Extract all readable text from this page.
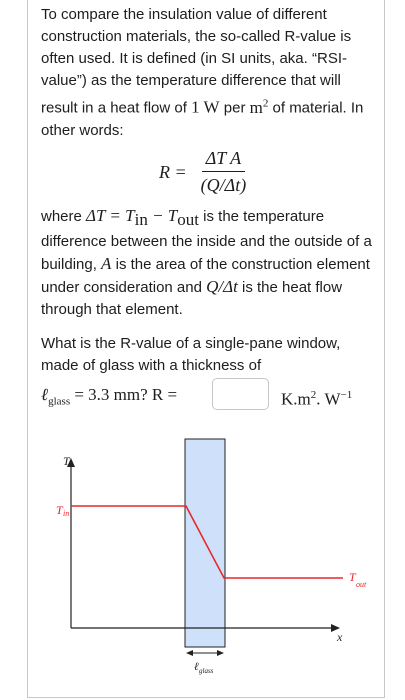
To compare the insulation value of different construction materials, the so-called R-value is often used. It is defined (in SI units, aka. “RSI-value”) as the temperature difference that will result in a heat flow of 1 W per $m^2$ of material. In other words:

$R = \frac{\text{ΔT A}}{(Q/\Delta t)}$

where $\Delta T = T_{in} - T_{out}$ is the temperature difference between the inside and the outside of a building, A is the area of the construction element under consideration and Q/Δt is the heat flow through that element.

What is the R-value of a single-pane window, made of glass with a thickness of

ℓ$_{glass}$ = 3.3 mm? R =	$K.m^2$. $W^{-1}$
T
T in
T
out
x
ℓ glass
